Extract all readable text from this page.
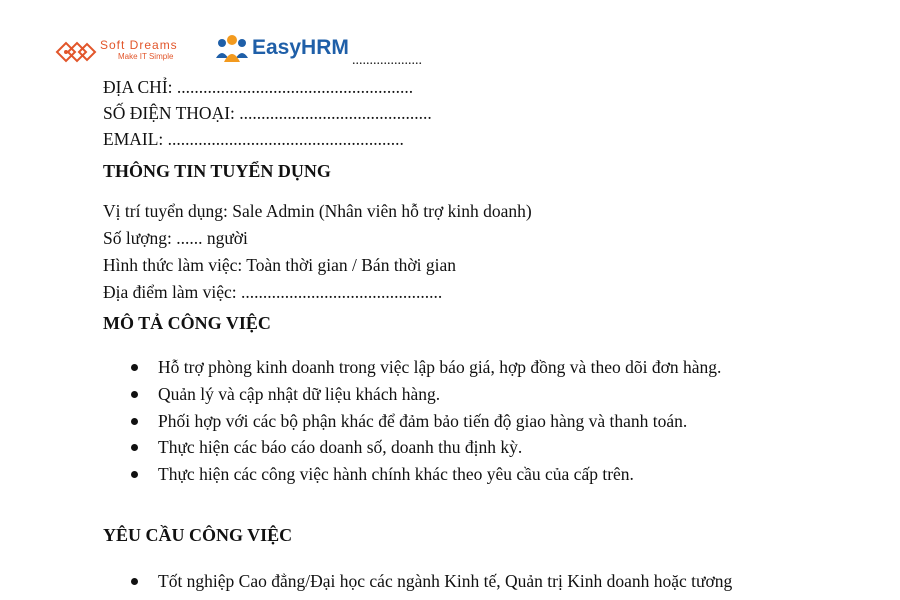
Soft Dreams
Make IT Simple	EasyHRM
....................
ĐỊA CHỈ: ......................................................
SỐ ĐIỆN THOẠI: ............................................
EMAIL: ......................................................
THÔNG TIN TUYỂN DỤNG
Vị trí tuyển dụng: Sale Admin (Nhân viên hỗ trợ kinh doanh)
Số lượng: ...... người
Hình thức làm việc: Toàn thời gian / Bán thời gian
Địa điểm làm việc: ..............................................
MÔ TẢ CÔNG VIỆC
Hỗ trợ phòng kinh doanh trong việc lập báo giá, hợp đồng và theo dõi đơn hàng.
Quản lý và cập nhật dữ liệu khách hàng.
Phối hợp với các bộ phận khác để đảm bảo tiến độ giao hàng và thanh toán.
Thực hiện các báo cáo doanh số, doanh thu định kỳ.
Thực hiện các công việc hành chính khác theo yêu cầu của cấp trên.
YÊU CẦU CÔNG VIỆC
Tốt nghiệp Cao đẳng/Đại học các ngành Kinh tế, Quản trị Kinh doanh hoặc tương
